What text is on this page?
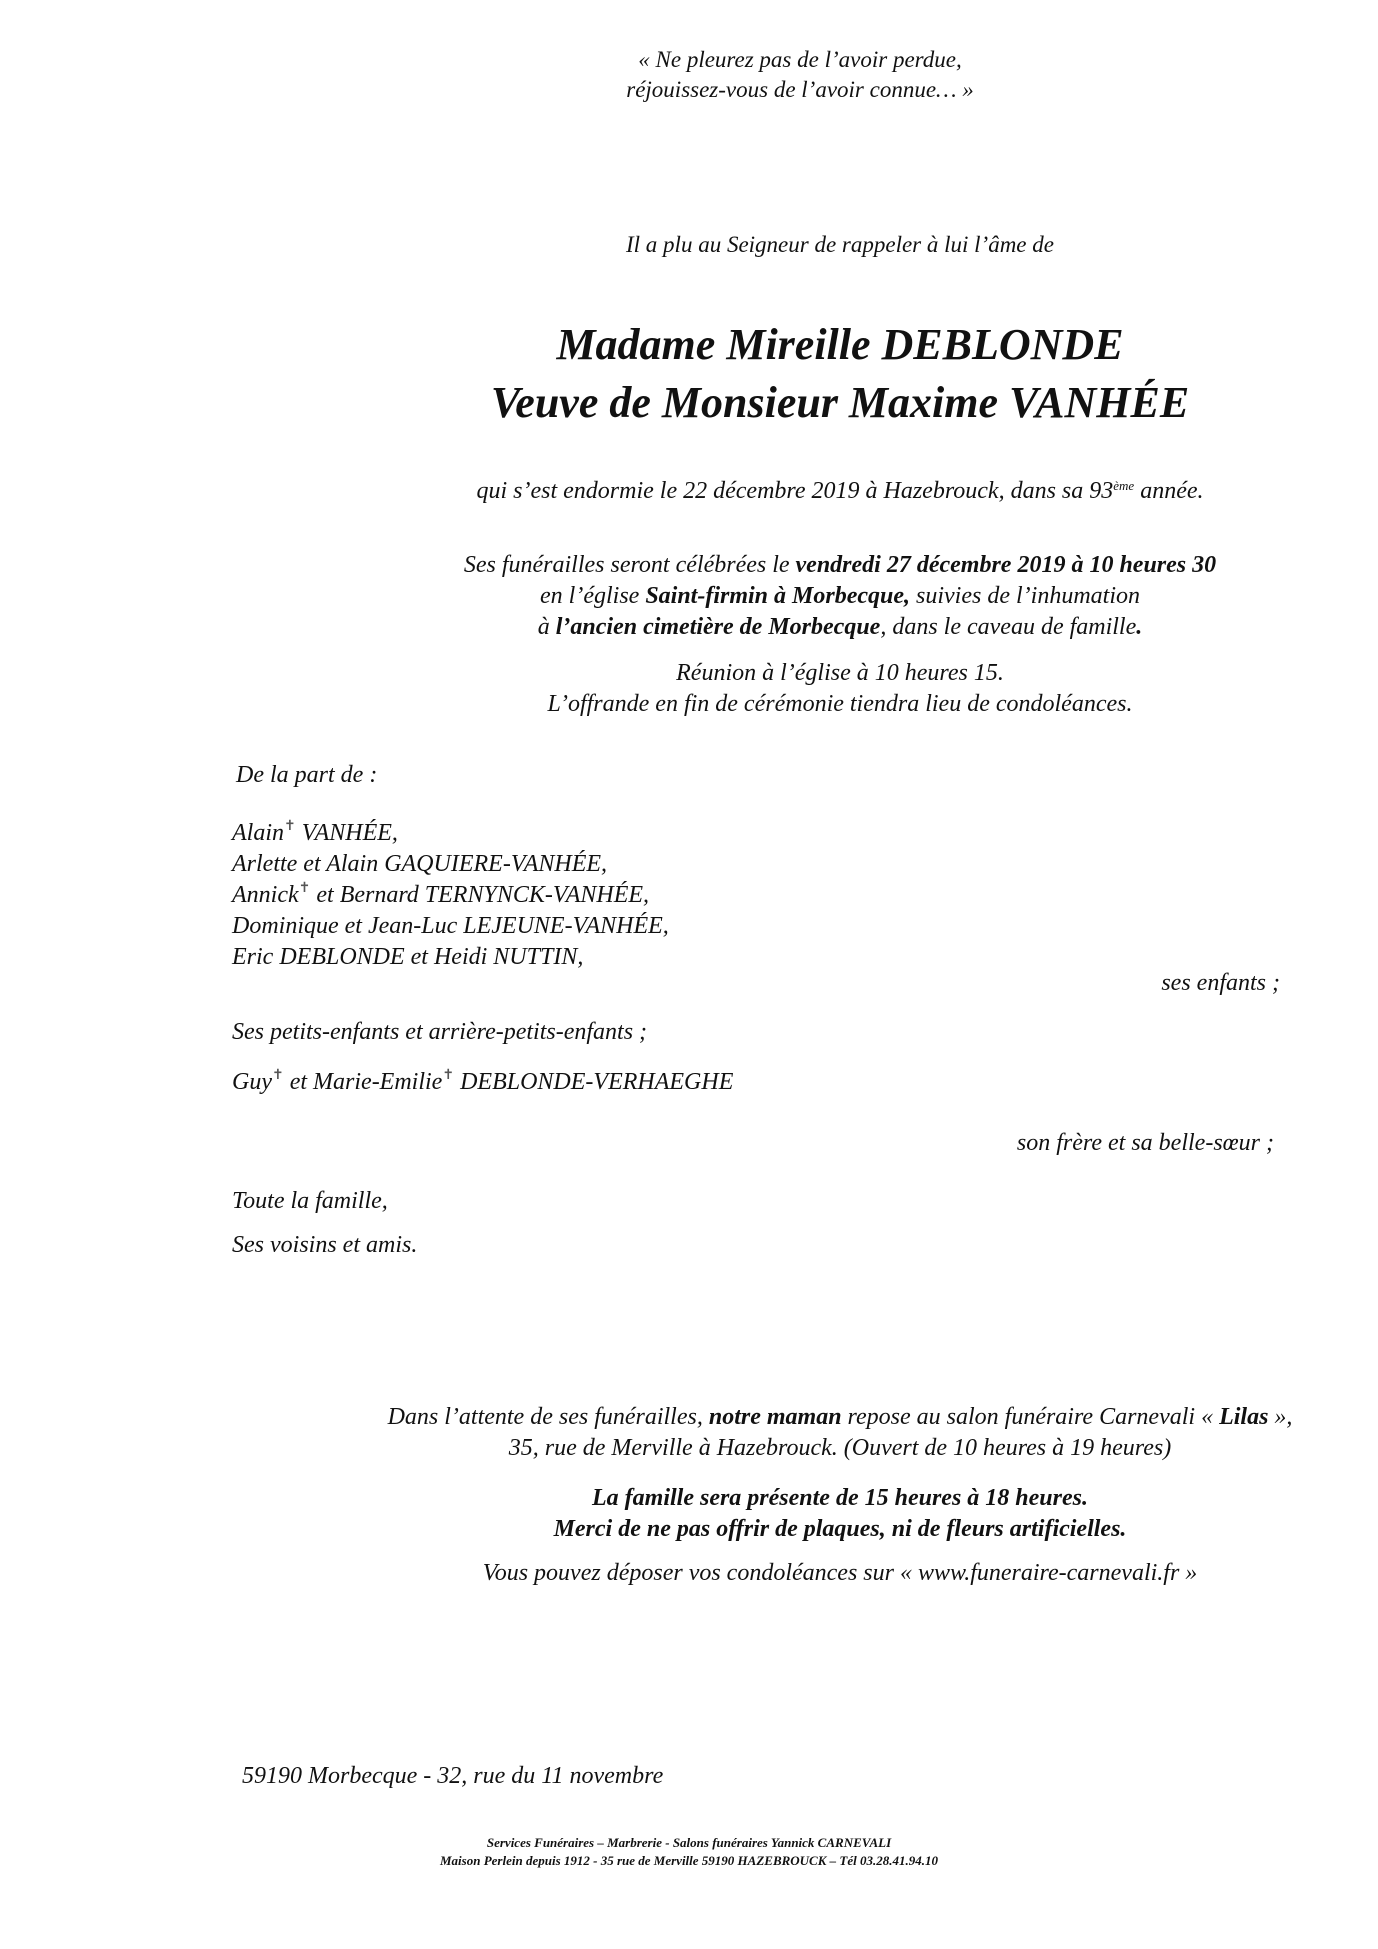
« Ne pleurez pas de l’avoir perdue,
réjouissez-vous de l’avoir connue… »
Il a plu au Seigneur de rappeler à lui l’âme de
Madame Mireille DEBLONDE
Veuve de Monsieur Maxime VANHÉE
qui s’est endormie le 22 décembre 2019 à Hazebrouck, dans sa 93ème année.
Ses funérailles seront célébrées le vendredi 27 décembre 2019 à 10 heures 30
en l’église Saint-firmin à Morbecque, suivies de l’inhumation
à l’ancien cimetière de Morbecque, dans le caveau de famille.
Réunion à l’église à 10 heures 15.
L’offrande en fin de cérémonie tiendra lieu de condoléances.
De la part de :
Alain✝ VANHÉE,
Arlette et Alain GAQUIERE-VANHÉE,
Annick✝ et Bernard TERNYNCK-VANHÉE,
Dominique et Jean-Luc LEJEUNE-VANHÉE,
Eric DEBLONDE et Heidi NUTTIN,
ses enfants ;
Ses petits-enfants et arrière-petits-enfants ;
Guy✝ et Marie-Emilie✝ DEBLONDE-VERHAEGHE
son frère et sa belle-sœur ;
Toute la famille,
Ses voisins et amis.
Dans l’attente de ses funérailles, notre maman repose au salon funéraire Carnevali « Lilas »,
35, rue de Merville à Hazebrouck. (Ouvert de 10 heures à 19 heures)
La famille sera présente de 15 heures à 18 heures.
Merci de ne pas offrir de plaques, ni de fleurs artificielles.
Vous pouvez déposer vos condoléances sur « www.funeraire-carnevali.fr »
59190 Morbecque - 32, rue du 11 novembre
Services Funéraires – Marbrerie - Salons funéraires Yannick CARNEVALI
Maison Perlein depuis 1912 - 35 rue de Merville 59190 HAZEBROUCK – Tél 03.28.41.94.10
